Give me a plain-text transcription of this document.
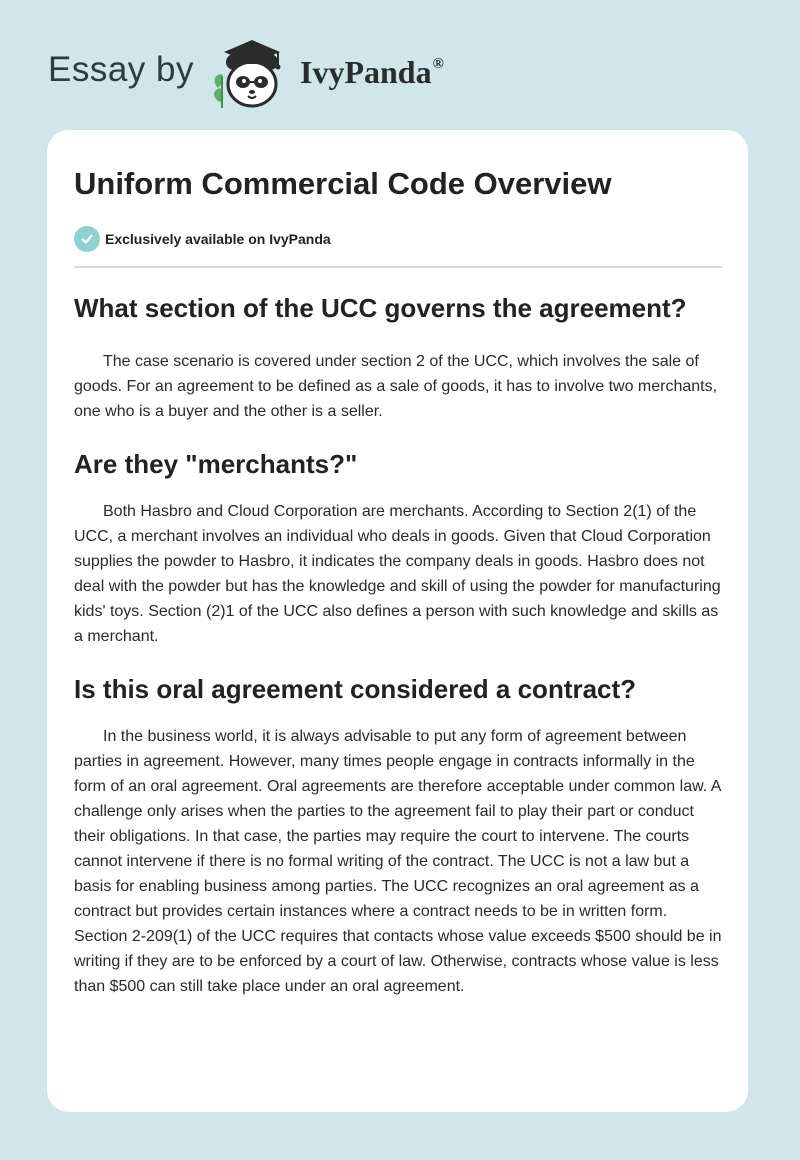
Essay by	IvyPanda®
Uniform Commercial Code Overview
Exclusively available on IvyPanda
What section of the UCC governs the agreement?

The case scenario is covered under section 2 of the UCC, which involves the sale of goods. For an agreement to be defined as a sale of goods, it has to involve two merchants, one who is a buyer and the other is a seller.

Are they "merchants?"

Both Hasbro and Cloud Corporation are merchants. According to Section 2(1) of the UCC, a merchant involves an individual who deals in goods. Given that Cloud Corporation supplies the powder to Hasbro, it indicates the company deals in goods. Hasbro does not deal with the powder but has the knowledge and skill of using the powder for manufacturing kids' toys. Section (2)1 of the UCC also defines a person with such knowledge and skills as a merchant.

Is this oral agreement considered a contract?

In the business world, it is always advisable to put any form of agreement between parties in agreement. However, many times people engage in contracts informally in the form of an oral agreement. Oral agreements are therefore acceptable under common law. A challenge only arises when the parties to the agreement fail to play their part or conduct their obligations. In that case, the parties may require the court to intervene. The courts cannot intervene if there is no formal writing of the contract. The UCC is not a law but a basis for enabling business among parties. The UCC recognizes an oral agreement as a contract but provides certain instances where a contract needs to be in written form. Section 2-209(1) of the UCC requires that contacts whose value exceeds $500 should be in writing if they are to be enforced by a court of law. Otherwise, contracts whose value is less than $500 can still take place under an oral agreement.
